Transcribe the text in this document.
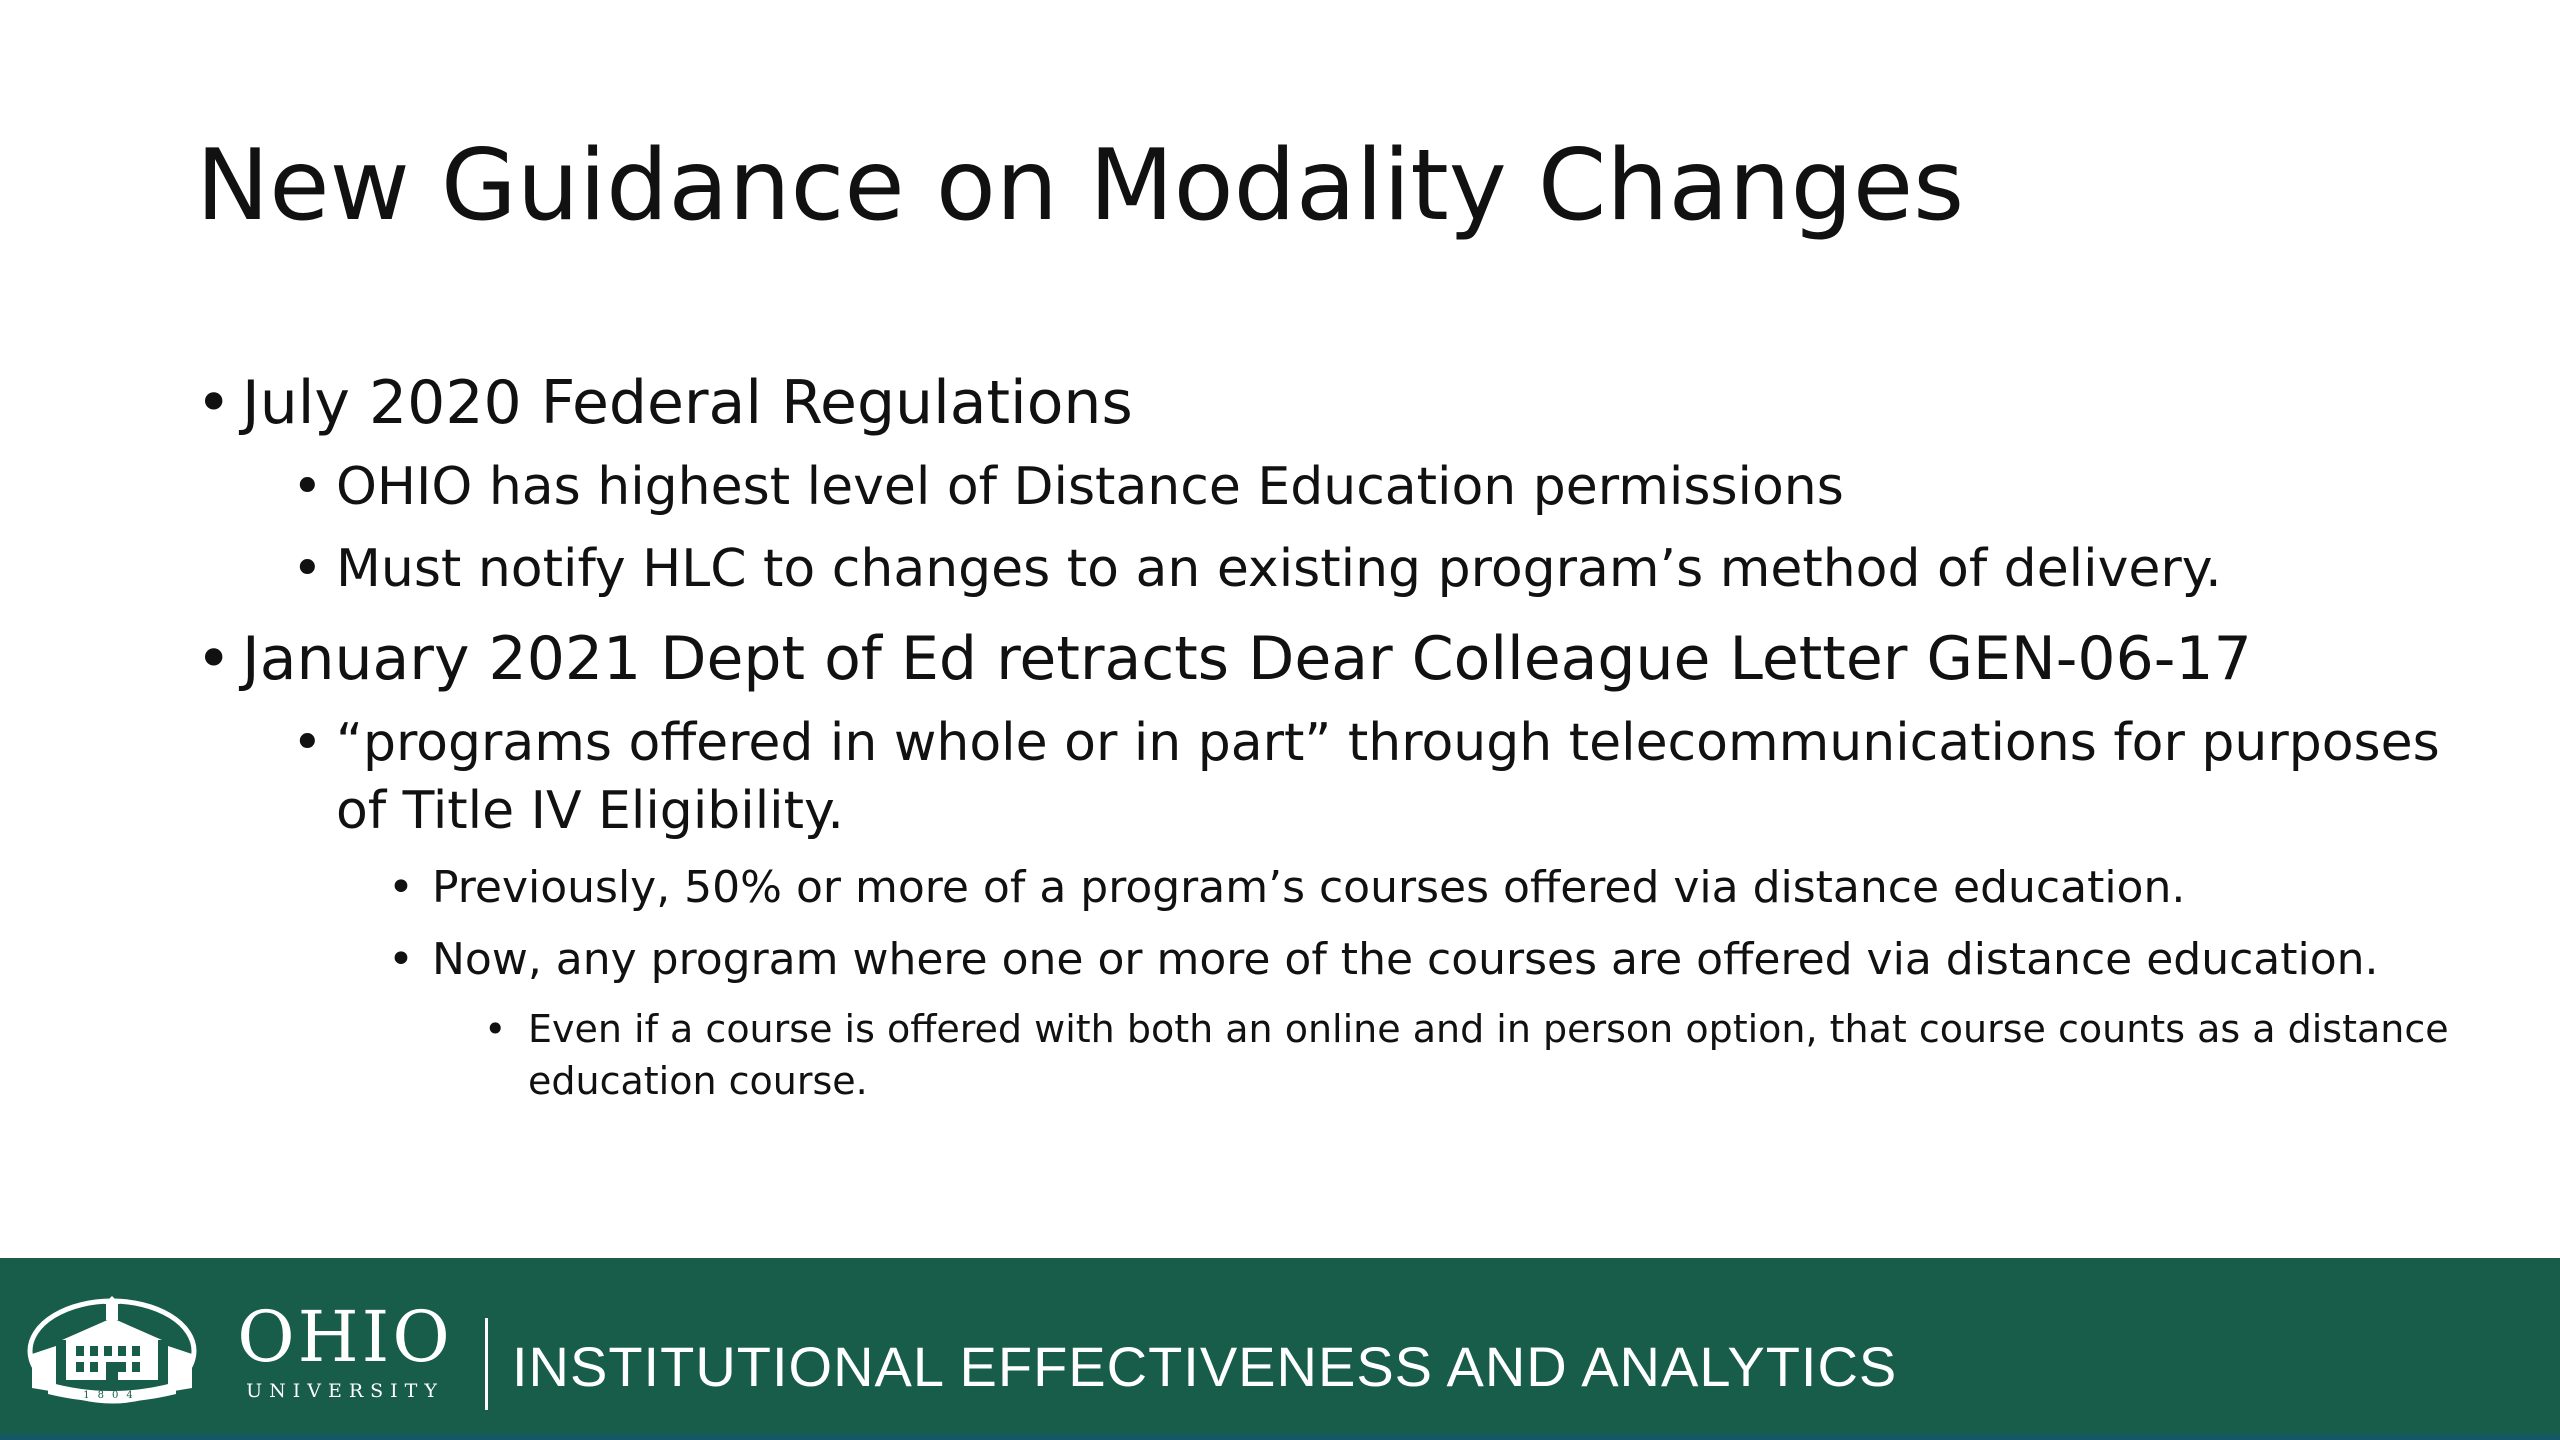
New Guidance on Modality Changes
• July 2020 Federal Regulations
• OHIO has highest level of Distance Education permissions
• Must notify HLC to changes to an existing program’s method of delivery.
• January 2021 Dept of Ed retracts Dear Colleague Letter GEN-06-17
• “programs offered in whole or in part” through telecommunications for purposes of Title IV Eligibility.
• Previously, 50% or more of a program’s courses offered via distance education.
• Now, any program where one or more of the courses are offered via distance education.
• Even if a course is offered with both an online and in person option, that course counts as a distance education course.
1804
OHIO
UNIVERSITY	INSTITUTIONAL EFFECTIVENESS AND ANALYTICS
